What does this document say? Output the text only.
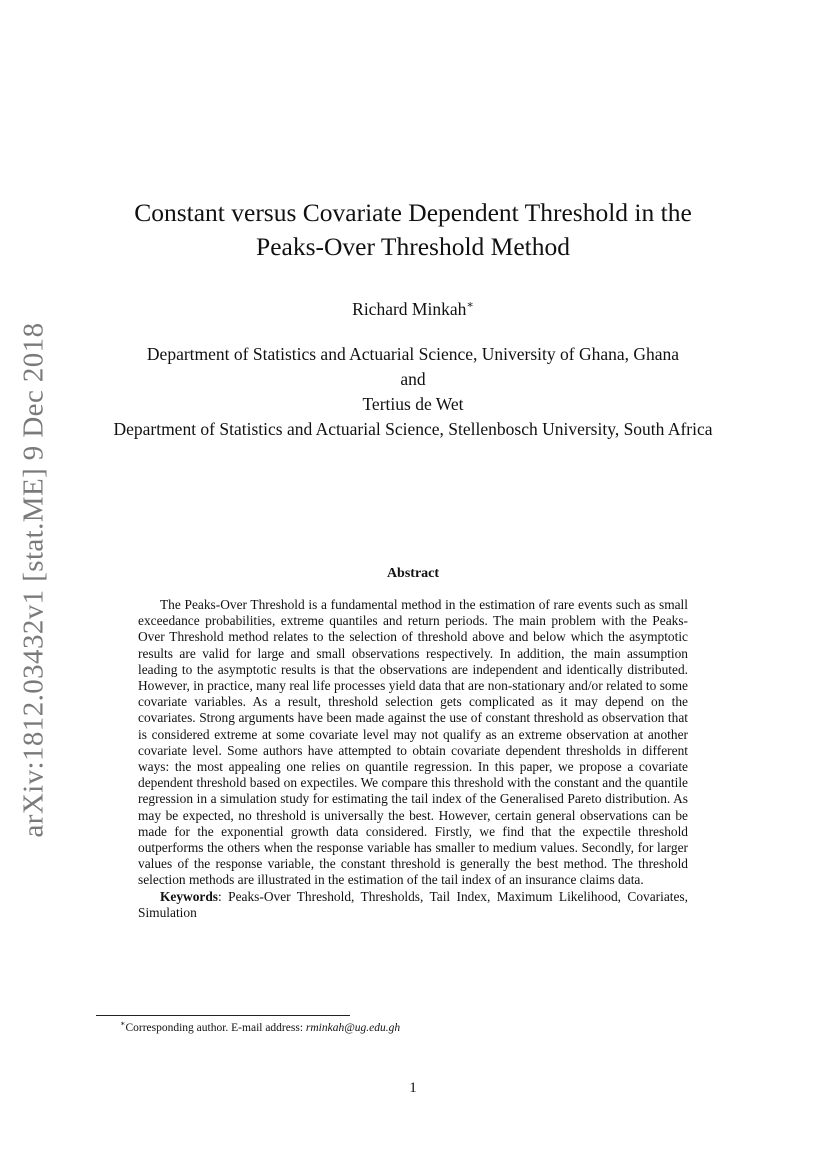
arXiv:1812.03432v1 [stat.ME] 9 Dec 2018
Constant versus Covariate Dependent Threshold in the
Peaks-Over Threshold Method
Richard Minkah∗
Department of Statistics and Actuarial Science, University of Ghana, Ghana
and
Tertius de Wet
Department of Statistics and Actuarial Science, Stellenbosch University, South Africa
Abstract

The Peaks-Over Threshold is a fundamental method in the estimation of rare events such as small exceedance probabilities, extreme quantiles and return periods. The main problem with the Peaks-Over Threshold method relates to the selection of threshold above and below which the asymptotic results are valid for large and small observations respectively. In addition, the main assumption leading to the asymptotic results is that the observations are independent and identically distributed. However, in practice, many real life processes yield data that are non-stationary and/or related to some covariate variables. As a result, threshold selection gets complicated as it may depend on the covariates. Strong arguments have been made against the use of constant threshold as observation that is considered extreme at some covariate level may not qualify as an extreme observation at another covariate level. Some authors have attempted to obtain covariate dependent thresholds in different ways: the most appealing one relies on quantile regression. In this paper, we propose a covariate dependent threshold based on expectiles. We compare this threshold with the constant and the quantile regression in a simulation study for estimating the tail index of the Generalised Pareto distribution. As may be expected, no threshold is universally the best. However, certain general observations can be made for the exponential growth data considered. Firstly, we find that the expectile threshold outperforms the others when the response variable has smaller to medium values. Secondly, for larger values of the response variable, the constant threshold is generally the best method. The threshold selection methods are illustrated in the estimation of the tail index of an insurance claims data.

Keywords: Peaks-Over Threshold, Thresholds, Tail Index, Maximum Likelihood, Covariates, Simulation

∗Corresponding author. E-mail address: rminkah@ug.edu.gh
1
